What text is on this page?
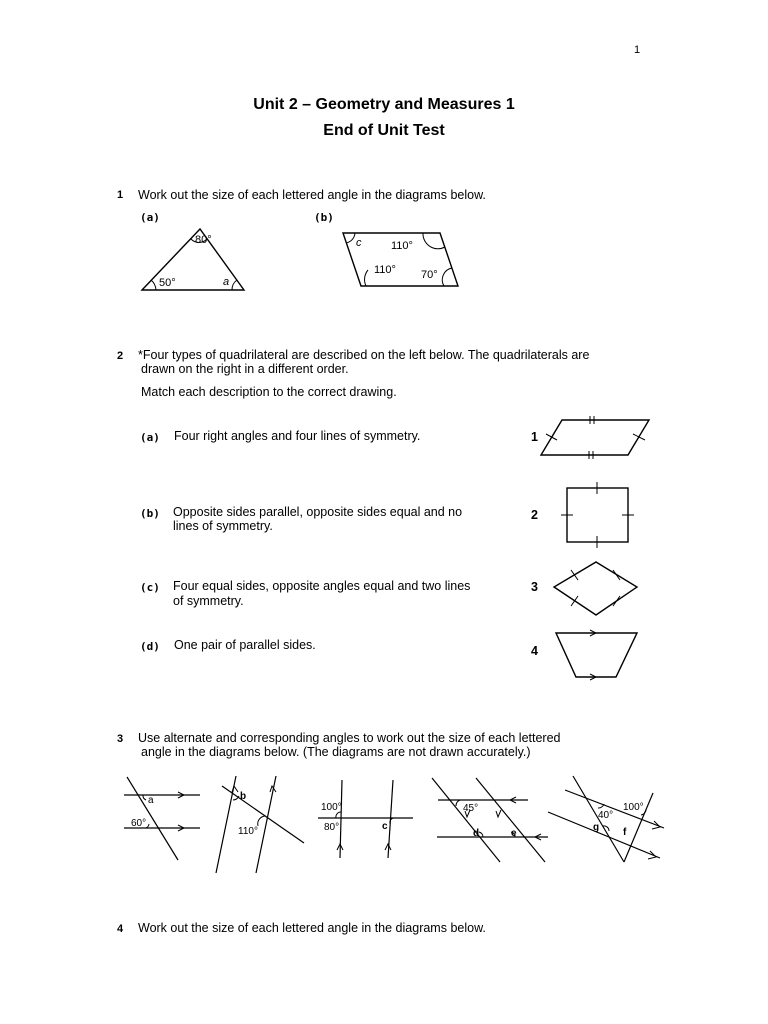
1
Unit 2 – Geometry and Measures 1
End of Unit Test
1 Work out the size of each lettered angle in the diagrams below.
(a)	(b)
80°
50°	a
c	110°
110° 70°
2 *Four types of quadrilateral are described on the left below. The quadrilaterals are
drawn on the right in a different order.
Match each description to the correct drawing.
(a) Four right angles and four lines of symmetry.
(b) Opposite sides parallel, opposite sides equal and no
lines of symmetry.
(c) Four equal sides, opposite angles equal and two lines
of symmetry.
(d) One pair of parallel sides.
1
2
3
4
3 Use alternate and corresponding angles to work out the size of each lettered
angle in the diagrams below. (The diagrams are not drawn accurately.)
a
60°
b
110°
100°
80°	c
45°
d	e
40°
100°
g f
4 Work out the size of each lettered angle in the diagrams below.
